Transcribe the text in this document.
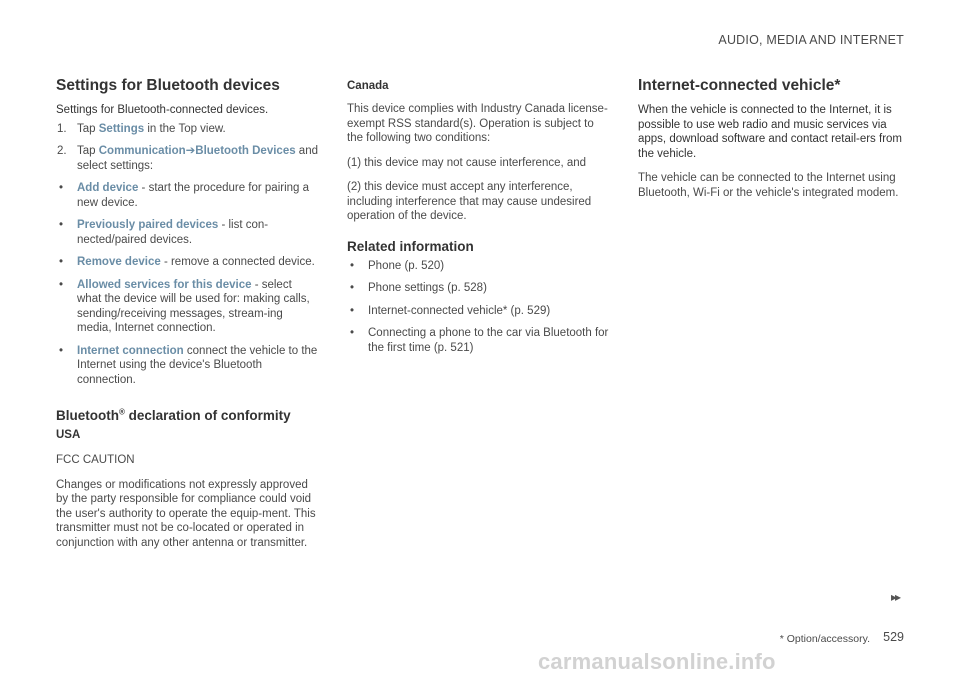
AUDIO, MEDIA AND INTERNET
Settings for Bluetooth devices

Settings for Bluetooth-connected devices.

1. Tap Settings in the Top view.
2. Tap Communication➔Bluetooth Devices and select settings:
• Add device - start the procedure for pairing a new device.
• Previously paired devices - list con-nected/paired devices.
• Remove device - remove a connected device.
• Allowed services for this device - select what the device will be used for: making calls, sending/receiving messages, stream-ing media, Internet connection.
• Internet connection connect the vehicle to the Internet using the device's Bluetooth connection.
Bluetooth® declaration of conformity
USA

FCC CAUTION

Changes or modifications not expressly approved by the party responsible for compliance could void the user's authority to operate the equip-ment. This transmitter must not be co-located or operated in conjunction with any other antenna or transmitter.

Canada

This device complies with Industry Canada license-exempt RSS standard(s). Operation is subject to the following two conditions:

(1) this device may not cause interference, and

(2) this device must accept any interference, including interference that may cause undesired operation of the device.

Related information
• Phone (p. 520)
• Phone settings (p. 528)
• Internet-connected vehicle* (p. 529)
• Connecting a phone to the car via Bluetooth for the first time (p. 521)
Internet-connected vehicle*

When the vehicle is connected to the Internet, it is possible to use web radio and music services via apps, download software and contact retail-ers from the vehicle.

The vehicle can be connected to the Internet using Bluetooth, Wi-Fi or the vehicle's integrated modem.

▸▸
* Option/accessory. 529
carmanualsonline.info
